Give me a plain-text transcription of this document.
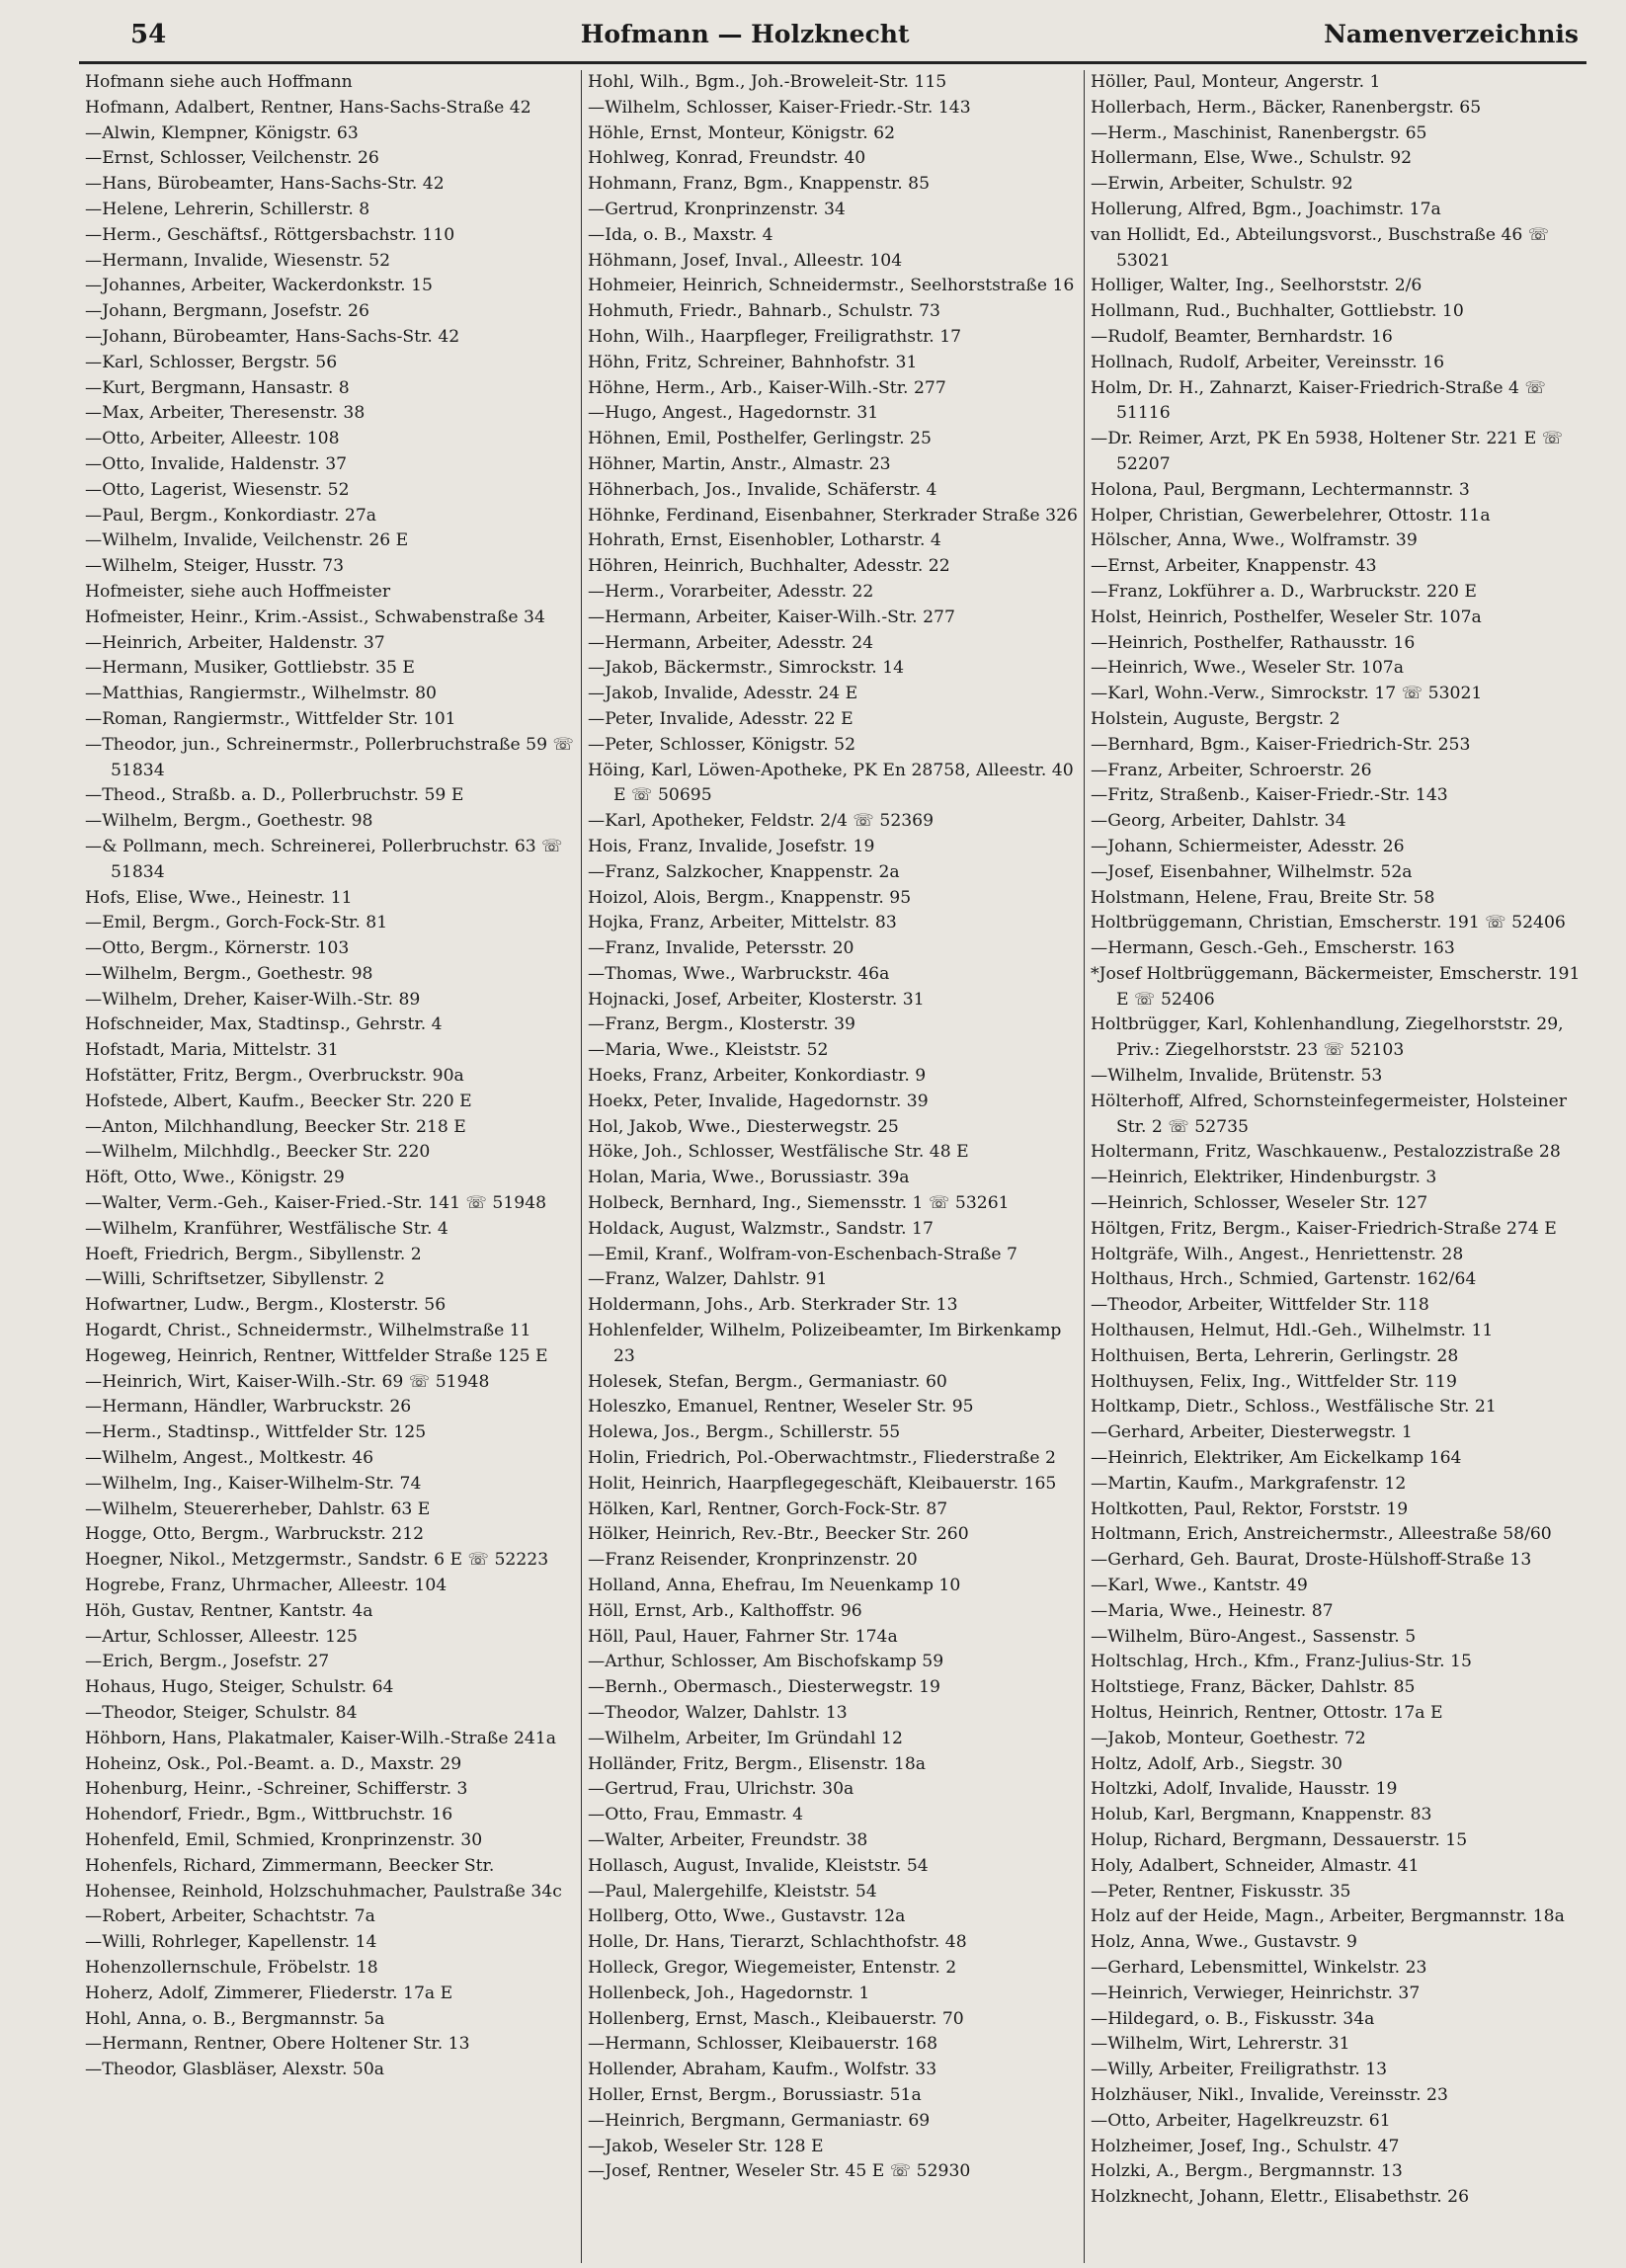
54	Hofmann — Holzknecht	Namenverzeichnis
Hofmann siehe auch Hoffmann
Hofmann, Adalbert, Rentner, Hans-Sachs-Straße 42
—Alwin, Klempner, Königstr. 63
—Ernst, Schlosser, Veilchenstr. 26
—Hans, Bürobeamter, Hans-Sachs-Str. 42
—Helene, Lehrerin, Schillerstr. 8
—Herm., Geschäftsf., Röttgersbachstr. 110
—Hermann, Invalide, Wiesenstr. 52
—Johannes, Arbeiter, Wackerdonkstr. 15
—Johann, Bergmann, Josefstr. 26
—Johann, Bürobeamter, Hans-Sachs-Str. 42
—Karl, Schlosser, Bergstr. 56
—Kurt, Bergmann, Hansastr. 8
—Max, Arbeiter, Theresenstr. 38
—Otto, Arbeiter, Alleestr. 108
—Otto, Invalide, Haldenstr. 37
—Otto, Lagerist, Wiesenstr. 52
—Paul, Bergm., Konkordiastr. 27a
—Wilhelm, Invalide, Veilchenstr. 26 E
—Wilhelm, Steiger, Husstr. 73
Hofmeister, siehe auch Hoffmeister
Hofmeister, Heinr., Krim.-Assist., Schwabenstraße 34
—Heinrich, Arbeiter, Haldenstr. 37
—Hermann, Musiker, Gottliebstr. 35 E
—Matthias, Rangiermstr., Wilhelmstr. 80
—Roman, Rangiermstr., Wittfelder Str. 101
—Theodor, jun., Schreinermstr., Pollerbruchstraße 59 ☏ 51834
—Theod., Straßb. a. D., Pollerbruchstr. 59 E
—Wilhelm, Bergm., Goethestr. 98
—& Pollmann, mech. Schreinerei, Pollerbruchstr. 63 ☏ 51834
Hofs, Elise, Wwe., Heinestr. 11
—Emil, Bergm., Gorch-Fock-Str. 81
—Otto, Bergm., Körnerstr. 103
—Wilhelm, Bergm., Goethestr. 98
—Wilhelm, Dreher, Kaiser-Wilh.-Str. 89
Hofschneider, Max, Stadtinsp., Gehrstr. 4
Hofstadt, Maria, Mittelstr. 31
Hofstätter, Fritz, Bergm., Overbruckstr. 90a
Hofstede, Albert, Kaufm., Beecker Str. 220 E
—Anton, Milchhandlung, Beecker Str. 218 E
—Wilhelm, Milchhdlg., Beecker Str. 220
Höft, Otto, Wwe., Königstr. 29
—Walter, Verm.-Geh., Kaiser-Fried.-Str. 141 ☏ 51948
—Wilhelm, Kranführer, Westfälische Str. 4
Hoeft, Friedrich, Bergm., Sibyllenstr. 2
—Willi, Schriftsetzer, Sibyllenstr. 2
Hofwartner, Ludw., Bergm., Klosterstr. 56
Hogardt, Christ., Schneidermstr., Wilhelmstraße 11
Hogeweg, Heinrich, Rentner, Wittfelder Straße 125 E
—Heinrich, Wirt, Kaiser-Wilh.-Str. 69 ☏ 51948
—Hermann, Händler, Warbruckstr. 26
—Herm., Stadtinsp., Wittfelder Str. 125
—Wilhelm, Angest., Moltkestr. 46
—Wilhelm, Ing., Kaiser-Wilhelm-Str. 74
—Wilhelm, Steuererheber, Dahlstr. 63 E
Hogge, Otto, Bergm., Warbruckstr. 212
Hoegner, Nikol., Metzgermstr., Sandstr. 6 E ☏ 52223
Hogrebe, Franz, Uhrmacher, Alleestr. 104
Höh, Gustav, Rentner, Kantstr. 4a
—Artur, Schlosser, Alleestr. 125
—Erich, Bergm., Josefstr. 27
Hohaus, Hugo, Steiger, Schulstr. 64
—Theodor, Steiger, Schulstr. 84
Höhborn, Hans, Plakatmaler, Kaiser-Wilh.-Straße 241a
Hoheinz, Osk., Pol.-Beamt. a. D., Maxstr. 29
Hohenburg, Heinr., -Schreiner, Schifferstr. 3
Hohendorf, Friedr., Bgm., Wittbruchstr. 16
Hohenfeld, Emil, Schmied, Kronprinzenstr. 30
Hohenfels, Richard, Zimmermann, Beecker Str.
Hohensee, Reinhold, Holzschuhmacher, Paulstraße 34c
—Robert, Arbeiter, Schachtstr. 7a
—Willi, Rohrleger, Kapellenstr. 14
Hohenzollernschule, Fröbelstr. 18
Hoherz, Adolf, Zimmerer, Fliederstr. 17a E
Hohl, Anna, o. B., Bergmannstr. 5a
—Hermann, Rentner, Obere Holtener Str. 13
—Theodor, Glasbläser, Alexstr. 50a
Hohl, Wilh., Bgm., Joh.-Broweleit-Str. 115
—Wilhelm, Schlosser, Kaiser-Friedr.-Str. 143
Höhle, Ernst, Monteur, Königstr. 62
Hohlweg, Konrad, Freundstr. 40
Hohmann, Franz, Bgm., Knappenstr. 85
—Gertrud, Kronprinzenstr. 34
—Ida, o. B., Maxstr. 4
Höhmann, Josef, Inval., Alleestr. 104
Hohmeier, Heinrich, Schneidermstr., Seelhorststraße 16
Hohmuth, Friedr., Bahnarb., Schulstr. 73
Hohn, Wilh., Haarpfleger, Freiligrathstr. 17
Höhn, Fritz, Schreiner, Bahnhofstr. 31
Höhne, Herm., Arb., Kaiser-Wilh.-Str. 277
—Hugo, Angest., Hagedornstr. 31
Höhnen, Emil, Posthelfer, Gerlingstr. 25
Höhner, Martin, Anstr., Almastr. 23
Höhnerbach, Jos., Invalide, Schäferstr. 4
Höhnke, Ferdinand, Eisenbahner, Sterkrader Straße 326
Hohrath, Ernst, Eisenhobler, Lotharstr. 4
Höhren, Heinrich, Buchhalter, Adesstr. 22
—Herm., Vorarbeiter, Adesstr. 22
—Hermann, Arbeiter, Kaiser-Wilh.-Str. 277
—Hermann, Arbeiter, Adesstr. 24
—Jakob, Bäckermstr., Simrockstr. 14
—Jakob, Invalide, Adesstr. 24 E
—Peter, Invalide, Adesstr. 22 E
—Peter, Schlosser, Königstr. 52
Höing, Karl, Löwen-Apotheke, PK En 28758, Alleestr. 40 E ☏ 50695
—Karl, Apotheker, Feldstr. 2/4 ☏ 52369
Hois, Franz, Invalide, Josefstr. 19
—Franz, Salzkocher, Knappenstr. 2a
Hoizol, Alois, Bergm., Knappenstr. 95
Hojka, Franz, Arbeiter, Mittelstr. 83
—Franz, Invalide, Petersstr. 20
—Thomas, Wwe., Warbruckstr. 46a
Hojnacki, Josef, Arbeiter, Klosterstr. 31
—Franz, Bergm., Klosterstr. 39
—Maria, Wwe., Kleiststr. 52
Hoeks, Franz, Arbeiter, Konkordiastr. 9
Hoekx, Peter, Invalide, Hagedornstr. 39
Hol, Jakob, Wwe., Diesterwegstr. 25
Höke, Joh., Schlosser, Westfälische Str. 48 E
Holan, Maria, Wwe., Borussiastr. 39a
Holbeck, Bernhard, Ing., Siemensstr. 1 ☏ 53261
Holdack, August, Walzmstr., Sandstr. 17
—Emil, Kranf., Wolfram-von-Eschenbach-Straße 7
—Franz, Walzer, Dahlstr. 91
Holdermann, Johs., Arb. Sterkrader Str. 13
Hohlenfelder, Wilhelm, Polizeibeamter, Im Birkenkamp 23
Holesek, Stefan, Bergm., Germaniastr. 60
Holeszko, Emanuel, Rentner, Weseler Str. 95
Holewa, Jos., Bergm., Schillerstr. 55
Holin, Friedrich, Pol.-Oberwachtmstr., Fliederstraße 2
Holit, Heinrich, Haarpflegegeschäft, Kleibauerstr. 165
Hölken, Karl, Rentner, Gorch-Fock-Str. 87
Hölker, Heinrich, Rev.-Btr., Beecker Str. 260
—Franz Reisender, Kronprinzenstr. 20
Holland, Anna, Ehefrau, Im Neuenkamp 10
Höll, Ernst, Arb., Kalthoffstr. 96
Höll, Paul, Hauer, Fahrner Str. 174a
—Arthur, Schlosser, Am Bischofskamp 59
—Bernh., Obermasch., Diesterwegstr. 19
—Theodor, Walzer, Dahlstr. 13
—Wilhelm, Arbeiter, Im Gründahl 12
Holländer, Fritz, Bergm., Elisenstr. 18a
—Gertrud, Frau, Ulrichstr. 30a
—Otto, Frau, Emmastr. 4
—Walter, Arbeiter, Freundstr. 38
Hollasch, August, Invalide, Kleiststr. 54
—Paul, Malergehilfe, Kleiststr. 54
Hollberg, Otto, Wwe., Gustavstr. 12a
Holle, Dr. Hans, Tierarzt, Schlachthofstr. 48
Holleck, Gregor, Wiegemeister, Entenstr. 2
Hollenbeck, Joh., Hagedornstr. 1
Hollenberg, Ernst, Masch., Kleibauerstr. 70
—Hermann, Schlosser, Kleibauerstr. 168
Hollender, Abraham, Kaufm., Wolfstr. 33
Holler, Ernst, Bergm., Borussiastr. 51a
—Heinrich, Bergmann, Germaniastr. 69
—Jakob, Weseler Str. 128 E
—Josef, Rentner, Weseler Str. 45 E ☏ 52930
Höller, Paul, Monteur, Angerstr. 1
Hollerbach, Herm., Bäcker, Ranenbergstr. 65
—Herm., Maschinist, Ranenbergstr. 65
Hollermann, Else, Wwe., Schulstr. 92
—Erwin, Arbeiter, Schulstr. 92
Hollerung, Alfred, Bgm., Joachimstr. 17a
van Hollidt, Ed., Abteilungsvorst., Buschstraße 46 ☏ 53021
Holliger, Walter, Ing., Seelhorststr. 2/6
Hollmann, Rud., Buchhalter, Gottliebstr. 10
—Rudolf, Beamter, Bernhardstr. 16
Hollnach, Rudolf, Arbeiter, Vereinsstr. 16
Holm, Dr. H., Zahnarzt, Kaiser-Friedrich-Straße 4 ☏ 51116
—Dr. Reimer, Arzt, PK En 5938, Holtener Str. 221 E ☏ 52207
Holona, Paul, Bergmann, Lechtermannstr. 3
Holper, Christian, Gewerbelehrer, Ottostr. 11a
Hölscher, Anna, Wwe., Wolframstr. 39
—Ernst, Arbeiter, Knappenstr. 43
—Franz, Lokführer a. D., Warbruckstr. 220 E
Holst, Heinrich, Posthelfer, Weseler Str. 107a
—Heinrich, Posthelfer, Rathausstr. 16
—Heinrich, Wwe., Weseler Str. 107a
—Karl, Wohn.-Verw., Simrockstr. 17 ☏ 53021
Holstein, Auguste, Bergstr. 2
—Bernhard, Bgm., Kaiser-Friedrich-Str. 253
—Franz, Arbeiter, Schroerstr. 26
—Fritz, Straßenb., Kaiser-Friedr.-Str. 143
—Georg, Arbeiter, Dahlstr. 34
—Johann, Schiermeister, Adesstr. 26
—Josef, Eisenbahner, Wilhelmstr. 52a
Holstmann, Helene, Frau, Breite Str. 58
Holtbrüggemann, Christian, Emscherstr. 191 ☏ 52406
—Hermann, Gesch.-Geh., Emscherstr. 163
*Josef Holtbrüggemann, Bäckermeister, Emscherstr. 191 E ☏ 52406
Holtbrügger, Karl, Kohlenhandlung, Ziegelhorststr. 29, Priv.: Ziegelhorststr. 23 ☏ 52103
—Wilhelm, Invalide, Brütenstr. 53
Hölterhoff, Alfred, Schornsteinfegermeister, Holsteiner Str. 2 ☏ 52735
Holtermann, Fritz, Waschkauenw., Pestalozzistraße 28
—Heinrich, Elektriker, Hindenburgstr. 3
—Heinrich, Schlosser, Weseler Str. 127
Höltgen, Fritz, Bergm., Kaiser-Friedrich-Straße 274 E
Holtgräfe, Wilh., Angest., Henriettenstr. 28
Holthaus, Hrch., Schmied, Gartenstr. 162/64
—Theodor, Arbeiter, Wittfelder Str. 118
Holthausen, Helmut, Hdl.-Geh., Wilhelmstr. 11
Holthuisen, Berta, Lehrerin, Gerlingstr. 28
Holthuysen, Felix, Ing., Wittfelder Str. 119
Holtkamp, Dietr., Schloss., Westfälische Str. 21
—Gerhard, Arbeiter, Diesterwegstr. 1
—Heinrich, Elektriker, Am Eickelkamp 164
—Martin, Kaufm., Markgrafenstr. 12
Holtkotten, Paul, Rektor, Forststr. 19
Holtmann, Erich, Anstreichermstr., Alleestraße 58/60
—Gerhard, Geh. Baurat, Droste-Hülshoff-Straße 13
—Karl, Wwe., Kantstr. 49
—Maria, Wwe., Heinestr. 87
—Wilhelm, Büro-Angest., Sassenstr. 5
Holtschlag, Hrch., Kfm., Franz-Julius-Str. 15
Holtstiege, Franz, Bäcker, Dahlstr. 85
Holtus, Heinrich, Rentner, Ottostr. 17a E
—Jakob, Monteur, Goethestr. 72
Holtz, Adolf, Arb., Siegstr. 30
Holtzki, Adolf, Invalide, Hausstr. 19
Holub, Karl, Bergmann, Knappenstr. 83
Holup, Richard, Bergmann, Dessauerstr. 15
Holy, Adalbert, Schneider, Almastr. 41
—Peter, Rentner, Fiskusstr. 35
Holz auf der Heide, Magn., Arbeiter, Bergmannstr. 18a
Holz, Anna, Wwe., Gustavstr. 9
—Gerhard, Lebensmittel, Winkelstr. 23
—Heinrich, Verwieger, Heinrichstr. 37
—Hildegard, o. B., Fiskusstr. 34a
—Wilhelm, Wirt, Lehrerstr. 31
—Willy, Arbeiter, Freiligrathstr. 13
Holzhäuser, Nikl., Invalide, Vereinsstr. 23
—Otto, Arbeiter, Hagelkreuzstr. 61
Holzheimer, Josef, Ing., Schulstr. 47
Holzki, A., Bergm., Bergmannstr. 13
Holzknecht, Johann, Elettr., Elisabethstr. 26
